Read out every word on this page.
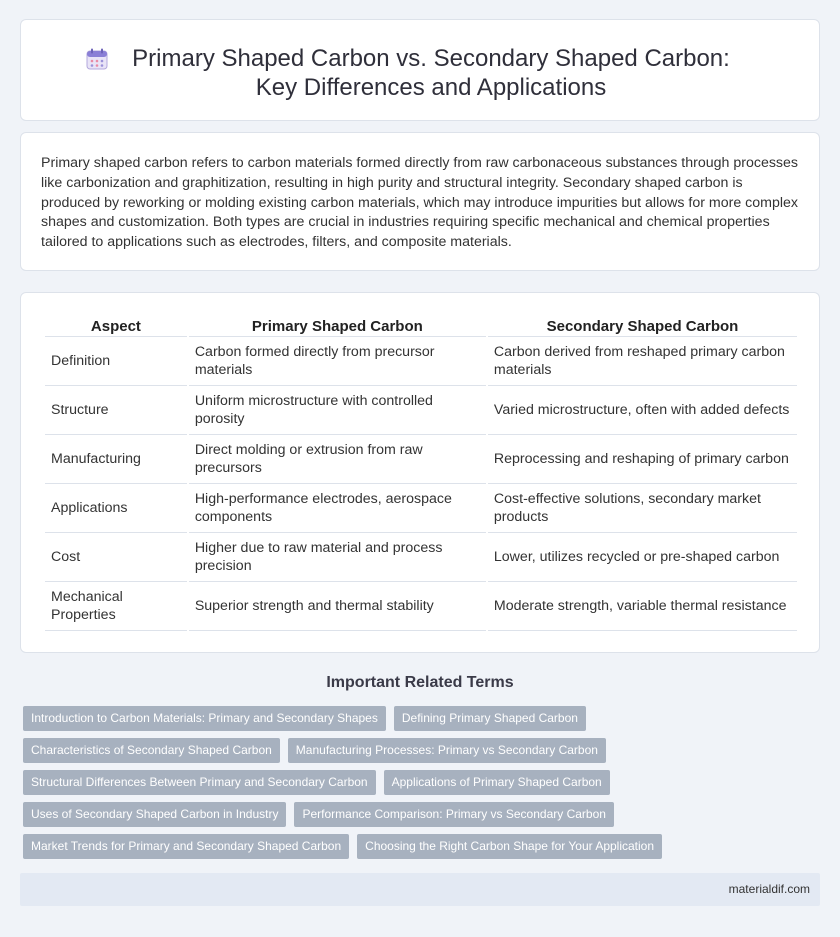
Primary Shaped Carbon vs. Secondary Shaped Carbon: Key Differences and Applications

Primary shaped carbon refers to carbon materials formed directly from raw carbonaceous substances through processes like carbonization and graphitization, resulting in high purity and structural integrity. Secondary shaped carbon is produced by reworking or molding existing carbon materials, which may introduce impurities but allows for more complex shapes and customization. Both types are crucial in industries requiring specific mechanical and chemical properties tailored to applications such as electrodes, filters, and composite materials.

Aspect	Primary Shaped Carbon	Secondary Shaped Carbon
Definition	Carbon formed directly from precursor materials	Carbon derived from reshaped primary carbon materials
Structure	Uniform microstructure with controlled porosity	Varied microstructure, often with added defects
Manufacturing	Direct molding or extrusion from raw precursors	Reprocessing and reshaping of primary carbon
Applications	High-performance electrodes, aerospace components	Cost-effective solutions, secondary market products
Cost	Higher due to raw material and process precision	Lower, utilizes recycled or pre-shaped carbon
Mechanical Properties	Superior strength and thermal stability	Moderate strength, variable thermal resistance
Important Related Terms
Introduction to Carbon Materials: Primary and Secondary Shapes	Defining Primary Shaped Carbon
Characteristics of Secondary Shaped Carbon	Manufacturing Processes: Primary vs Secondary Carbon
Structural Differences Between Primary and Secondary Carbon	Applications of Primary Shaped Carbon
Uses of Secondary Shaped Carbon in Industry	Performance Comparison: Primary vs Secondary Carbon
Market Trends for Primary and Secondary Shaped Carbon	Choosing the Right Carbon Shape for Your Application
materialdif.com
